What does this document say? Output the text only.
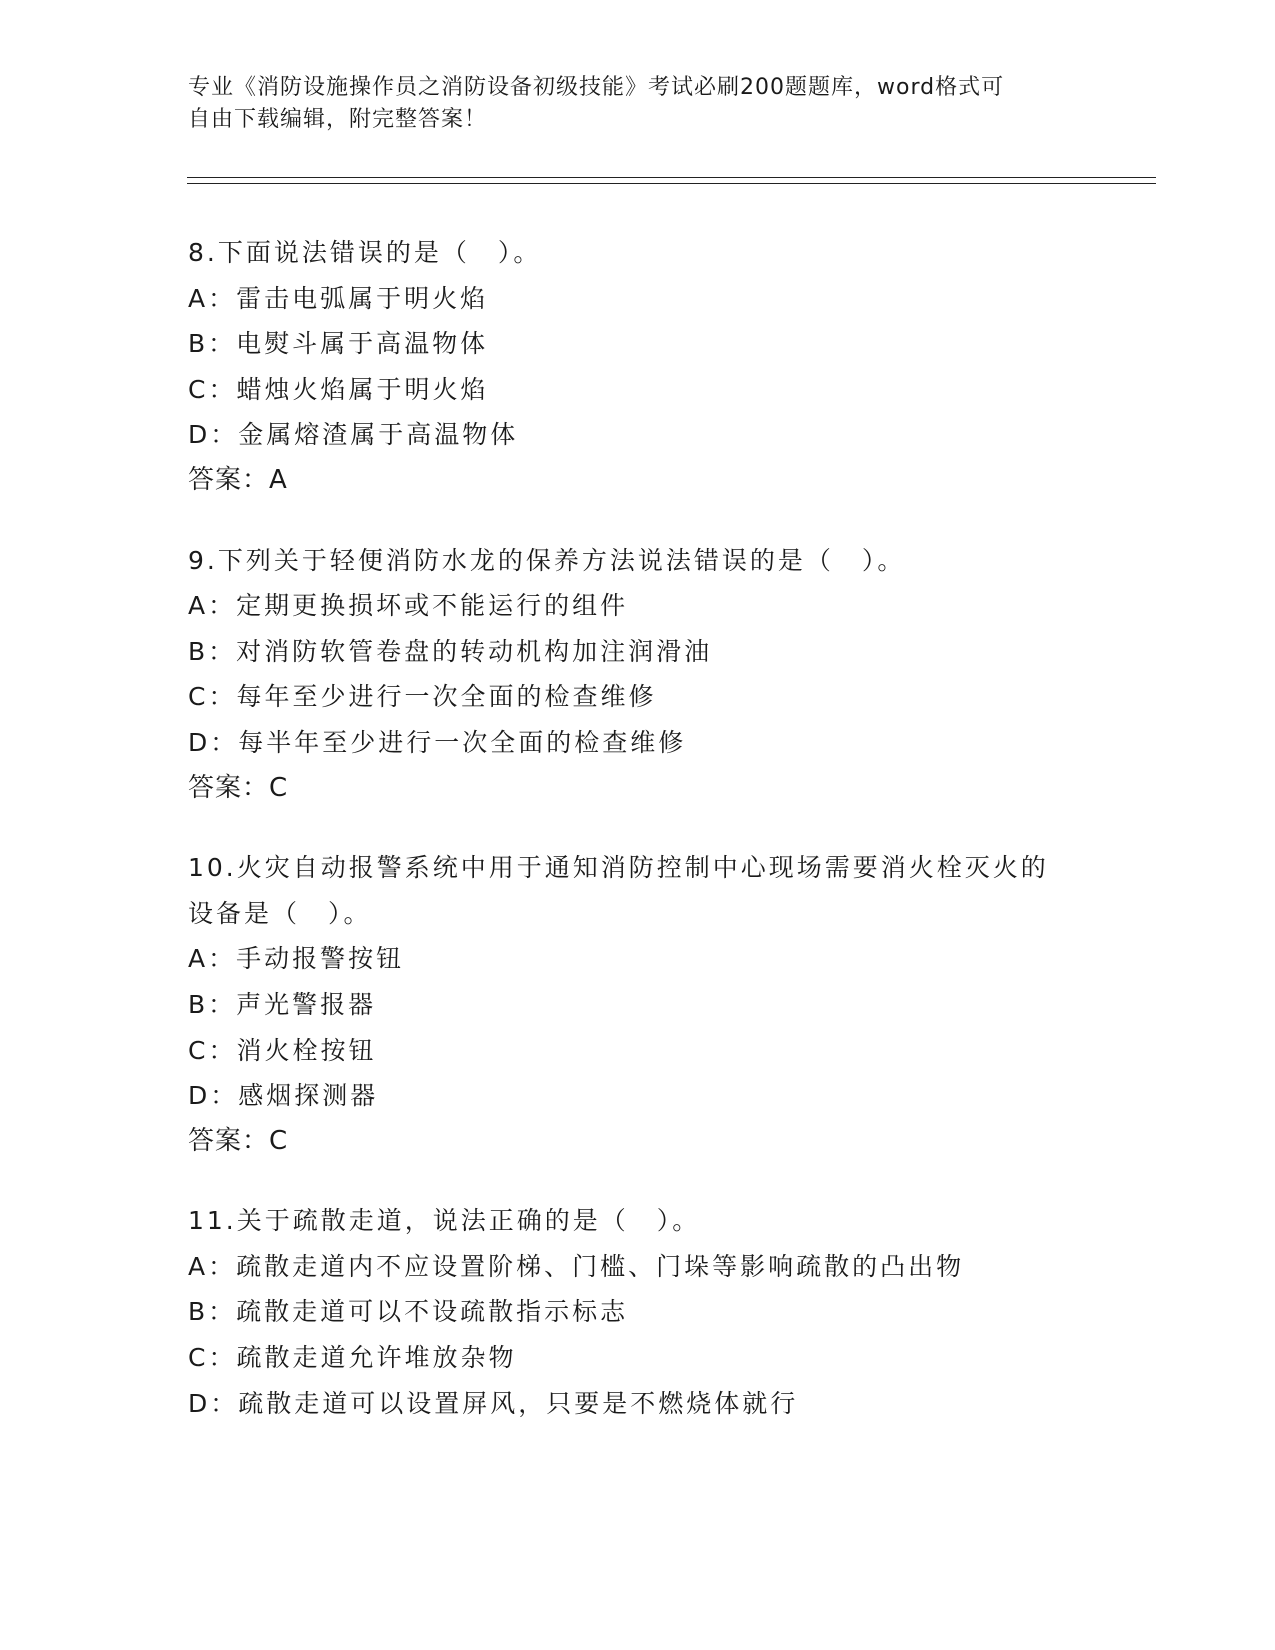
专业《消防设施操作员之消防设备初级技能》考试必刷200题题库，word格式可
自由下载编辑，附完整答案！
8.下面说法错误的是（　）。
A：雷击电弧属于明火焰
B：电熨斗属于高温物体
C：蜡烛火焰属于明火焰
D：金属熔渣属于高温物体
答案：A
9.下列关于轻便消防水龙的保养方法说法错误的是（　）。
A：定期更换损坏或不能运行的组件
B：对消防软管卷盘的转动机构加注润滑油
C：每年至少进行一次全面的检查维修
D：每半年至少进行一次全面的检查维修
答案：C
10.火灾自动报警系统中用于通知消防控制中心现场需要消火栓灭火的
设备是（　）。
A：手动报警按钮
B：声光警报器
C：消火栓按钮
D：感烟探测器
答案：C
11.关于疏散走道，说法正确的是（　）。
A：疏散走道内不应设置阶梯、门槛、门垛等影响疏散的凸出物
B：疏散走道可以不设疏散指示标志
C：疏散走道允许堆放杂物
D：疏散走道可以设置屏风，只要是不燃烧体就行
